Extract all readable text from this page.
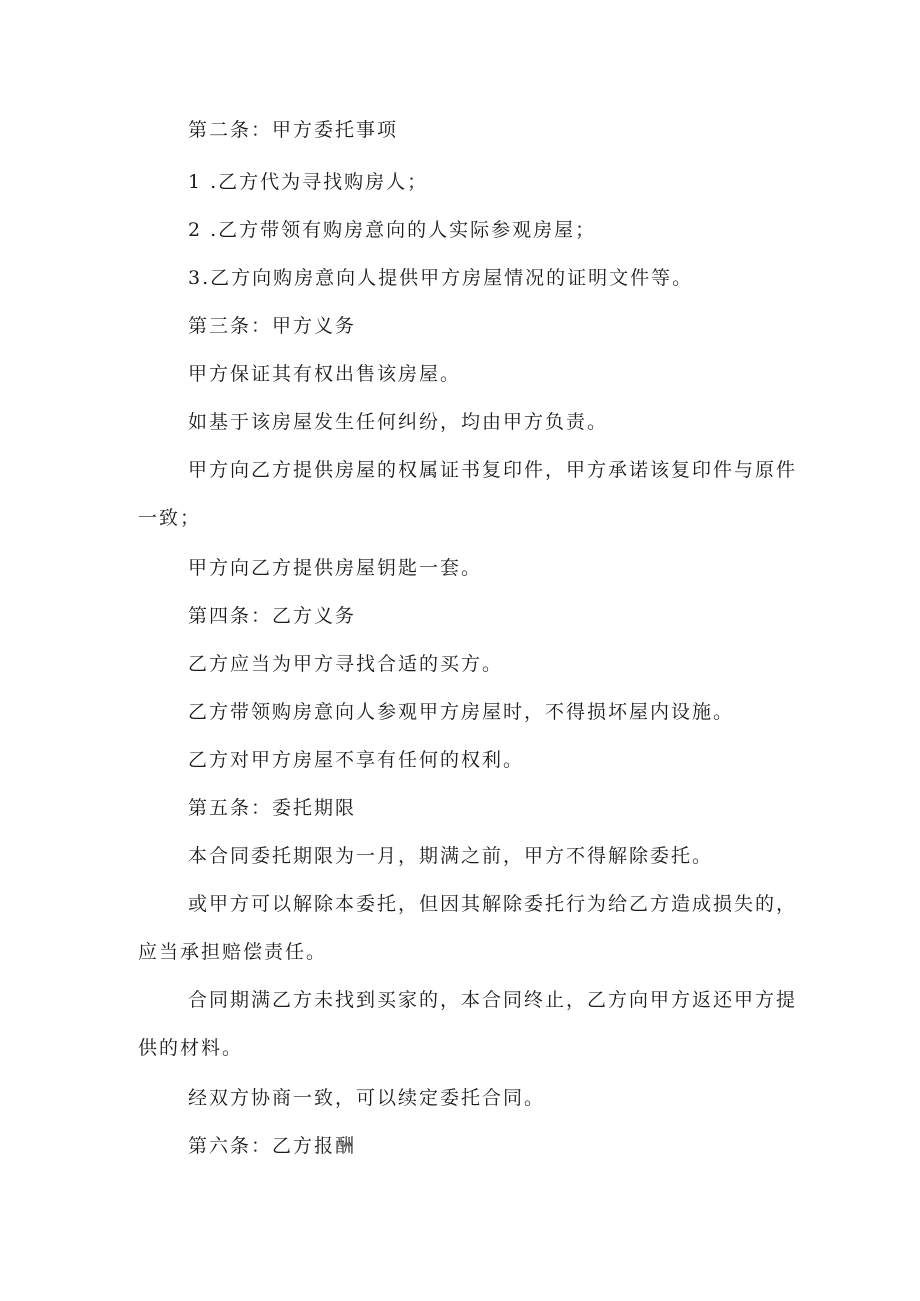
第二条：甲方委托事项

1 .乙方代为寻找购房人；

2 .乙方带领有购房意向的人实际参观房屋；

3.乙方向购房意向人提供甲方房屋情况的证明文件等。

第三条：甲方义务

甲方保证其有权出售该房屋。

如基于该房屋发生任何纠纷，均由甲方负责。

甲方向乙方提供房屋的权属证书复印件，甲方承诺该复印件与原件一致；

甲方向乙方提供房屋钥匙一套。

第四条：乙方义务

乙方应当为甲方寻找合适的买方。

乙方带领购房意向人参观甲方房屋时，不得损坏屋内设施。

乙方对甲方房屋不享有任何的权利。

第五条：委托期限

本合同委托期限为一月，期满之前，甲方不得解除委托。

或甲方可以解除本委托，但因其解除委托行为给乙方造成损失的，应当承担赔偿责任。

合同期满乙方未找到买家的，本合同终止，乙方向甲方返还甲方提供的材料。

经双方协商一致，可以续定委托合同。

第六条：乙方报酬
